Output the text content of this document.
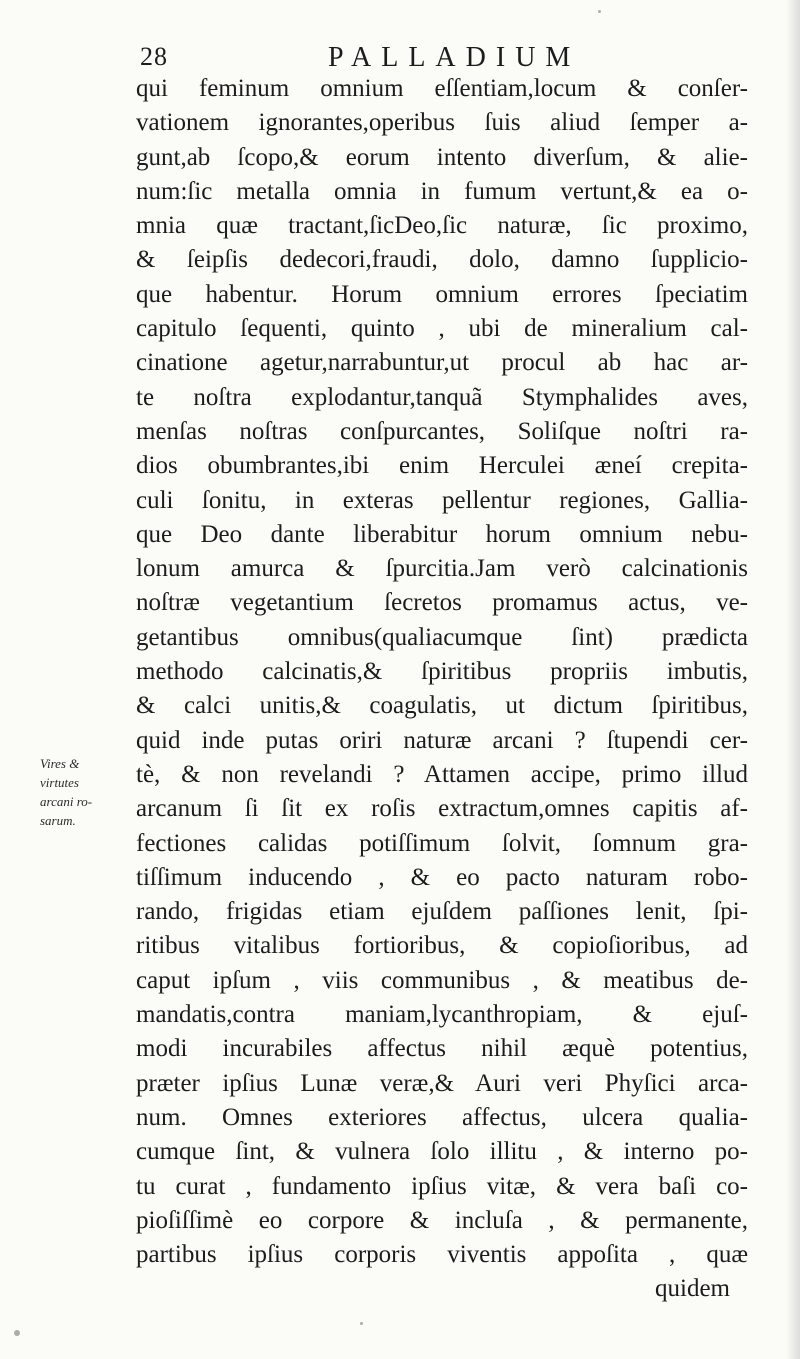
28	PALLADIUM
Vires &
virtutes
arcani ro-
sarum.
qui feminum omnium eſſentiam,locum & conſer-
vationem ignorantes,operibus ſuis aliud ſemper a-
gunt,ab ſcopo,& eorum intento diverſum, & alie-
num:ſic metalla omnia in fumum vertunt,& ea o-
mnia quæ tractant,ſicDeo,ſic naturæ, ſic proximo,
& ſeipſis dedecori,fraudi, dolo, damno ſupplicio-
que habentur. Horum omnium errores ſpeciatim
capitulo ſequenti, quinto , ubi de mineralium cal-
cinatione agetur,narrabuntur,ut procul ab hac ar-
te noſtra explodantur,tanquã Stymphalides aves,
menſas noſtras conſpurcantes, Soliſque noſtri ra-
dios obumbrantes,ibi enim Herculei æneí crepita-
culi ſonitu, in exteras pellentur regiones, Gallia-
que Deo dante liberabitur horum omnium nebu-
lonum amurca & ſpurcitia.Jam verò calcinationis
noſtræ vegetantium ſecretos promamus actus, ve-
getantibus omnibus(qualiacumque ſint) prædicta
methodo calcinatis,& ſpiritibus propriis imbutis,
& calci unitis,& coagulatis, ut dictum ſpiritibus,
quid inde putas oriri naturæ arcani ? ſtupendi cer-
tè, & non revelandi ? Attamen accipe, primo illud
arcanum ſi ſit ex roſis extractum,omnes capitis af-
fectiones calidas potiſſimum ſolvit, ſomnum gra-
tiſſimum inducendo , & eo pacto naturam robo-
rando, frigidas etiam ejuſdem paſſiones lenit, ſpi-
ritibus vitalibus fortioribus, & copioſioribus, ad
caput ipſum , viis communibus , & meatibus de-
mandatis,contra maniam,lycanthropiam, & ejuſ-
modi incurabiles affectus nihil æquè potentius,
præter ipſius Lunæ veræ,& Auri veri Phyſici arca-
num. Omnes exteriores affectus, ulcera qualia-
cumque ſint, & vulnera ſolo illitu , & interno po-
tu curat , fundamento ipſius vitæ, & vera baſi co-
pioſiſſimè eo corpore & incluſa , & permanente,
partibus ipſius corporis viventis appoſita , quæ
quidem
